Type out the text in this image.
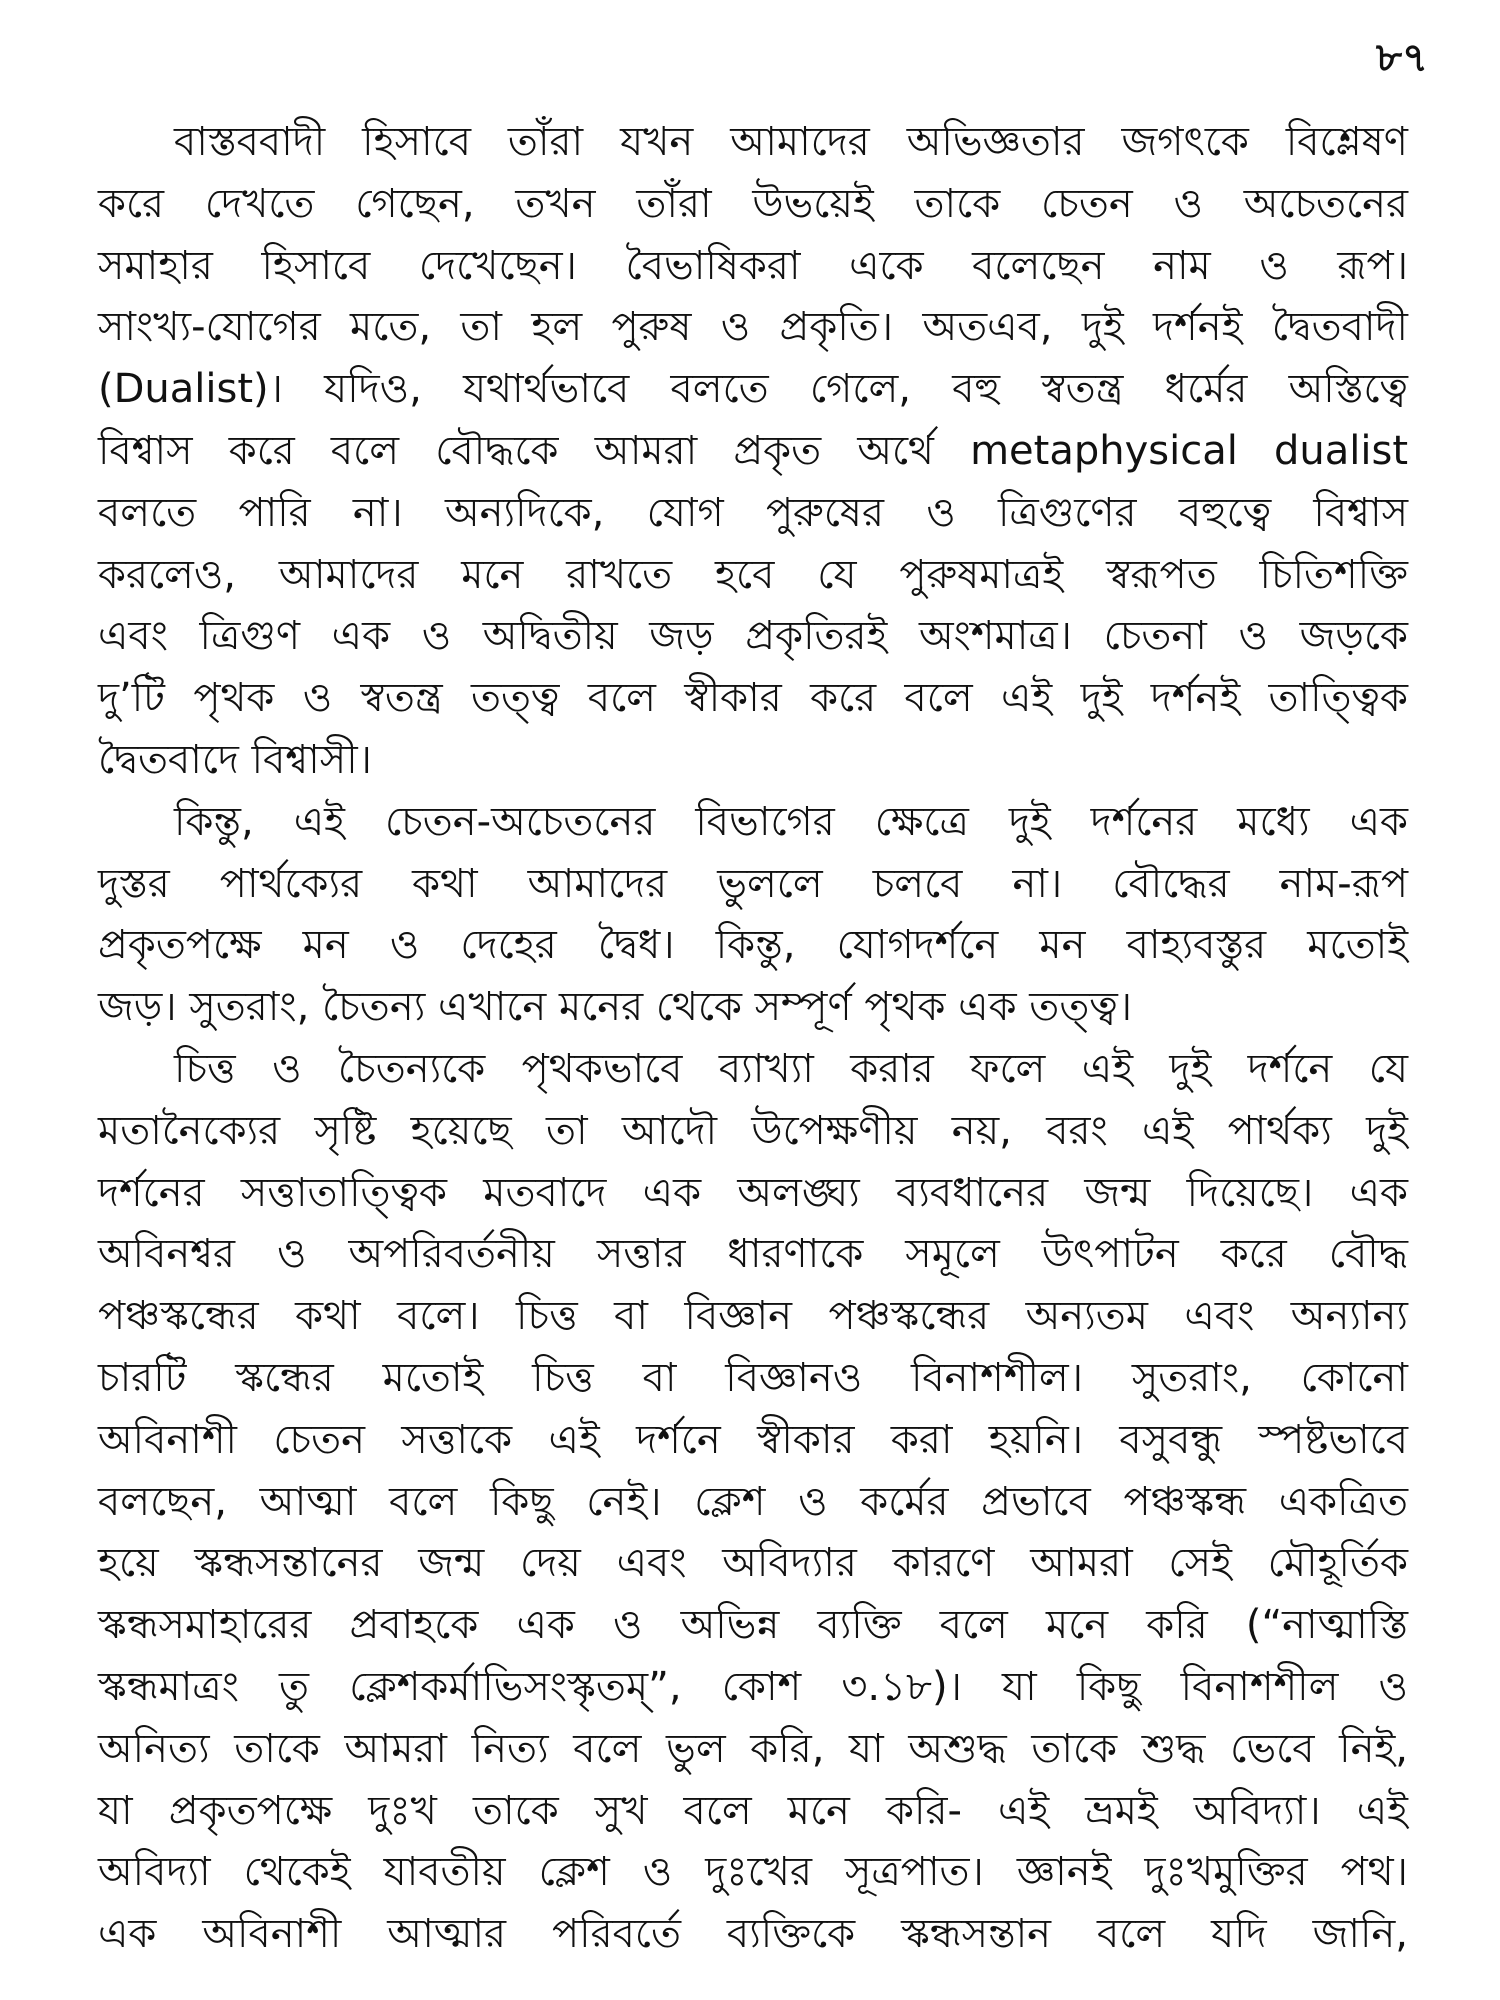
৮৭
বাস্তববাদী হিসাবে তাঁরা যখন আমাদের অভিজ্ঞতার জগৎকে বিশ্লেষণ
করে দেখতে গেছেন, তখন তাঁরা উভয়েই তাকে চেতন ও অচেতনের
সমাহার হিসাবে দেখেছেন। বৈভাষিকরা একে বলেছেন নাম ও রূপ।
সাংখ্য-যোগের মতে, তা হল পুরুষ ও প্রকৃতি। অতএব, দুই দর্শনই দ্বৈতবাদী
(Dualist)। যদিও, যথার্থভাবে বলতে গেলে, বহু স্বতন্ত্র ধর্মের অস্তিত্বে
বিশ্বাস করে বলে বৌদ্ধকে আমরা প্রকৃত অর্থে metaphysical dualist
বলতে পারি না। অন্যদিকে, যোগ পুরুষের ও ত্রিগুণের বহুত্বে বিশ্বাস
করলেও, আমাদের মনে রাখতে হবে যে পুরুষমাত্রই স্বরূপত চিতিশক্তি
এবং ত্রিগুণ এক ও অদ্বিতীয় জড় প্রকৃতিরই অংশমাত্র। চেতনা ও জড়কে
দু’টি পৃথক ও স্বতন্ত্র তত্ত্ব বলে স্বীকার করে বলে এই দুই দর্শনই তাত্ত্বিক
দ্বৈতবাদে বিশ্বাসী।
কিন্তু, এই চেতন-অচেতনের বিভাগের ক্ষেত্রে দুই দর্শনের মধ্যে এক
দুস্তর পার্থক্যের কথা আমাদের ভুললে চলবে না। বৌদ্ধের নাম-রূপ
প্রকৃতপক্ষে মন ও দেহের দ্বৈধ। কিন্তু, যোগদর্শনে মন বাহ্যবস্তুর মতোই
জড়। সুতরাং, চৈতন্য এখানে মনের থেকে সম্পূর্ণ পৃথক এক তত্ত্ব।
চিত্ত ও চৈতন্যকে পৃথকভাবে ব্যাখ্যা করার ফলে এই দুই দর্শনে যে
মতানৈক্যের সৃষ্টি হয়েছে তা আদৌ উপেক্ষণীয় নয়, বরং এই পার্থক্য দুই
দর্শনের সত্তাতাত্ত্বিক মতবাদে এক অলঙ্ঘ্য ব্যবধানের জন্ম দিয়েছে। এক
অবিনশ্বর ও অপরিবর্তনীয় সত্তার ধারণাকে সমূলে উৎপাটন করে বৌদ্ধ
পঞ্চস্কন্ধের কথা বলে। চিত্ত বা বিজ্ঞান পঞ্চস্কন্ধের অন্যতম এবং অন্যান্য
চারটি স্কন্ধের মতোই চিত্ত বা বিজ্ঞানও বিনাশশীল। সুতরাং, কোনো
অবিনাশী চেতন সত্তাকে এই দর্শনে স্বীকার করা হয়নি। বসুবন্ধু স্পষ্টভাবে
বলছেন, আত্মা বলে কিছু নেই। ক্লেশ ও কর্মের প্রভাবে পঞ্চস্কন্ধ একত্রিত
হয়ে স্কন্ধসন্তানের জন্ম দেয় এবং অবিদ্যার কারণে আমরা সেই মৌহূর্তিক
স্কন্ধসমাহারের প্রবাহকে এক ও অভিন্ন ব্যক্তি বলে মনে করি (“নাত্মাস্তি
স্কন্ধমাত্রং তু ক্লেশকর্মাভিসংস্কৃতম্”, কোশ ৩.১৮)। যা কিছু বিনাশশীল ও
অনিত্য তাকে আমরা নিত্য বলে ভুল করি, যা অশুদ্ধ তাকে শুদ্ধ ভেবে নিই,
যা প্রকৃতপক্ষে দুঃখ তাকে সুখ বলে মনে করি- এই ভ্রমই অবিদ্যা। এই
অবিদ্যা থেকেই যাবতীয় ক্লেশ ও দুঃখের সূত্রপাত। জ্ঞানই দুঃখমুক্তির পথ।
এক অবিনাশী আত্মার পরিবর্তে ব্যক্তিকে স্কন্ধসন্তান বলে যদি জানি,
